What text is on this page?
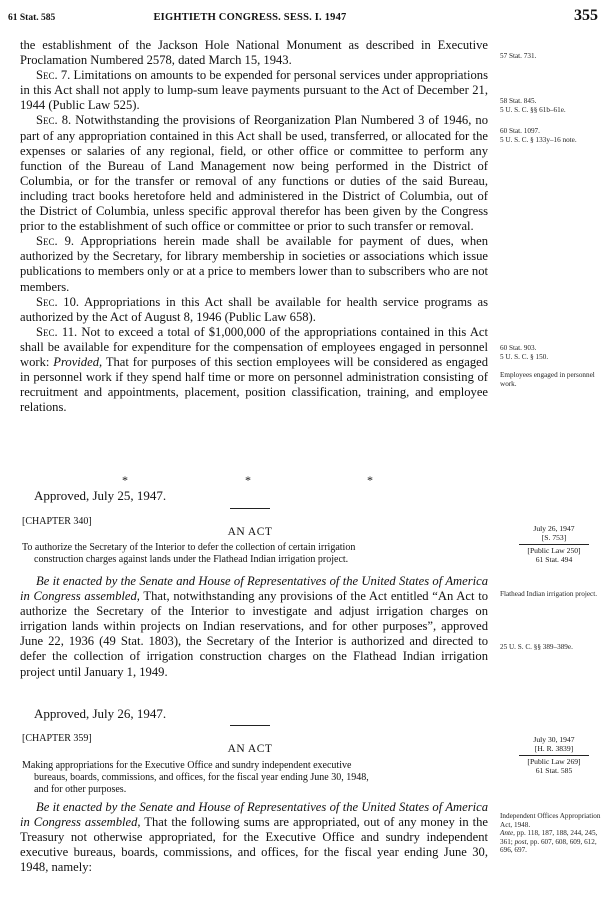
61 Stat. 585	EIGHTIETH CONGRESS. SESS. I. 1947	355

the establishment of the Jackson Hole National Monument as described in Executive Proclamation Numbered 2578, dated March 15, 1943.

Sec. 7. Limitations on amounts to be expended for personal services under appropriations in this Act shall not apply to lump-sum leave payments pursuant to the Act of December 21, 1944 (Public Law 525).

Sec. 8. Notwithstanding the provisions of Reorganization Plan Numbered 3 of 1946, no part of any appropriation contained in this Act shall be used, transferred, or allocated for the expenses or salaries of any regional, field, or other office or committee to perform any function of the Bureau of Land Management now being performed in the District of Columbia, or for the transfer or removal of any functions or duties of the said Bureau, including tract books heretofore held and administered in the District of Columbia, out of the District of Columbia, unless specific approval therefor has been given by the Congress prior to the establishment of such office or committee or prior to such transfer or removal.

Sec. 9. Appropriations herein made shall be available for payment of dues, when authorized by the Secretary, for library membership in societies or associations which issue publications to members only or at a price to members lower than to subscribers who are not members.

Sec. 10. Appropriations in this Act shall be available for health service programs as authorized by the Act of August 8, 1946 (Public Law 658).

Sec. 11. Not to exceed a total of $1,000,000 of the appropriations contained in this Act shall be available for expenditure for the compensation of employees engaged in personnel work: Provided, That for purposes of this section employees will be considered as engaged in personnel work if they spend half time or more on personnel administration consisting of recruitment and appointments, placement, position classification, training, and employee relations.

57 Stat. 731.
58 Stat. 845.
5 U. S. C. §§ 61b–61e.
60 Stat. 1097.
5 U. S. C. § 133y–16 note.
60 Stat. 903.
5 U. S. C. § 150.
Employees engaged in personnel work.
*	*	*
Approved, July 25, 1947.
[CHAPTER 340]
AN ACT
To authorize the Secretary of the Interior to defer the collection of certain irrigation
construction charges against lands under the Flathead Indian irrigation project.
July 26, 1947
[S. 753]
[Public Law 250]
61 Stat. 494

Be it enacted by the Senate and House of Representatives of the United States of America in Congress assembled, That, notwithstanding any provisions of the Act entitled “An Act to authorize the Secretary of the Interior to investigate and adjust irrigation charges on irrigation lands within projects on Indian reservations, and for other purposes”, approved June 22, 1936 (49 Stat. 1803), the Secretary of the Interior is authorized and directed to defer the collection of irrigation construction charges on the Flathead Indian irrigation project until January 1, 1949.

Flathead Indian irrigation project.
25 U. S. C. §§ 389–389e.
Approved, July 26, 1947.
[CHAPTER 359]
AN ACT
Making appropriations for the Executive Office and sundry independent executive
bureaus, boards, commissions, and offices, for the fiscal year ending June 30, 1948,
and for other purposes.
July 30, 1947
[H. R. 3839]
[Public Law 269]
61 Stat. 585

Be it enacted by the Senate and House of Representatives of the United States of America in Congress assembled, That the following sums are appropriated, out of any money in the Treasury not otherwise appropriated, for the Executive Office and sundry independent executive bureaus, boards, commissions, and offices, for the fiscal year ending June 30, 1948, namely:

Independent Offices Appropriation Act, 1948.
Ante, pp. 118, 187, 188, 244, 245, 361; post, pp. 607, 608, 609, 612, 696, 697.
